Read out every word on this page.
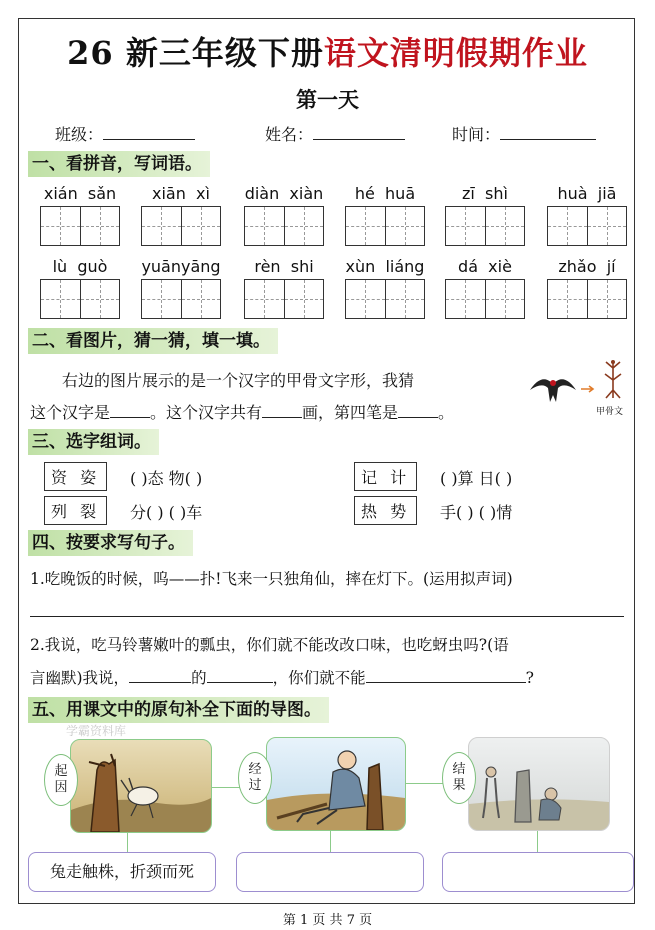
26 新三年级下册语文清明假期作业
第一天
班级：	姓名：	时间：
一、看拼音，写词语。
xián  sǎn	xiān  xì	diàn  xiàn	hé  huā	zī  shì	huà  jiā
lù  guò	yuānyāng	rèn  shi	xùn  liáng	dá  xiè	zhǎo  jí
二、看图片，猜一猜，填一填。
右边的图片展示的是一个汉字的甲骨文字形，我猜
这个汉字是	。这个汉字共有	画，第四笔是	。	甲骨文
三、选字组词。
资 姿	( )态 物( )	记 计	( )算 日( )
列 裂	分( ) ( )车	热 势	手( ) ( )情
四、按要求写句子。
1.吃晚饭的时候，呜——扑!飞来一只独角仙，摔在灯下。(运用拟声词)
2.我说，吃马铃薯嫩叶的瓢虫，你们就不能改改口味，也吃蚜虫吗?(语
言幽默)我说，	的	，你们就不能	?
五、用课文中的原句补全下面的导图。
学霸资料库
起
因
经
过
结
果
兔走触株，折颈而死
第 1 页 共 7 页
